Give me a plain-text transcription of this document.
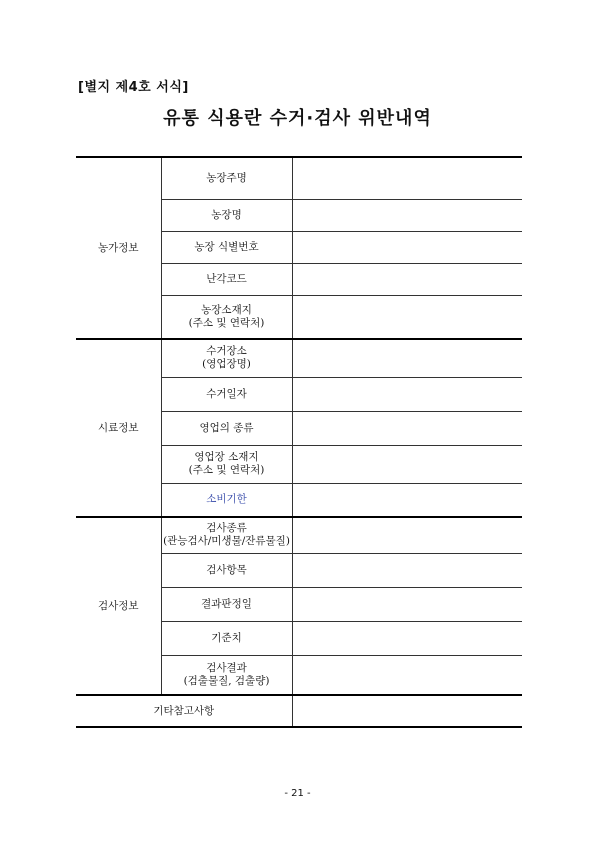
[별지 제4호 서식]
유통 식용란 수거·검사 위반내역
농가정보	농장주명	
	농장명	
	농장 식별번호	
	난각코드	

	농장소재지
(주소 및 연락처)	

시료정보	수거장소
(영업장명)	

	수거일자	
	영업의 종류	

	영업장 소재지
(주소 및 연락처)	

	소비기한	
검사정보	검사종류
(관능검사/미생물/잔류물질)	

	검사항목	
	결과판정일	
	기준치	

	검사결과
(검출물질, 검출량)	

기타참고사항		
- 21 -
